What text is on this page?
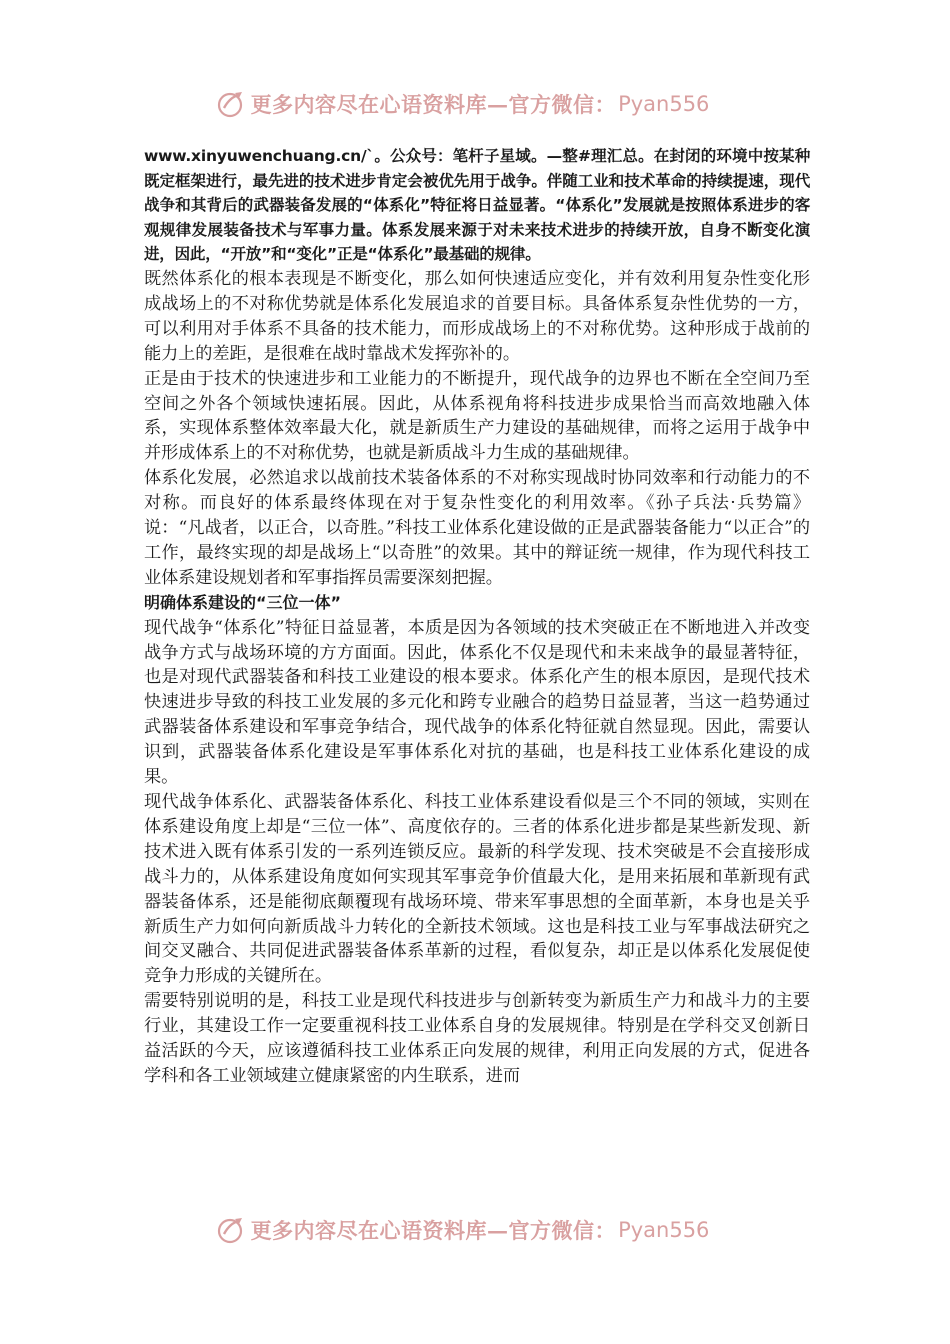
更多内容尽在心语资料库—官方微信： Pyan556

www.xinyuwenchuang.cn/`。公众号：笔杆子星域。—整#理汇总。在封闭的环境中按某种既定框架进行，最先进的技术进步肯定会被优先用于战争。伴随工业和技术革命的持续提速，现代战争和其背后的武器装备发展的“体系化”特征将日益显著。“体系化”发展就是按照体系进步的客观规律发展装备技术与军事力量。体系发展来源于对未来技术进步的持续开放，自身不断变化演进，因此，“开放”和“变化”正是“体系化”最基础的规律。

既然体系化的根本表现是不断变化，那么如何快速适应变化，并有效利用复杂性变化形成战场上的不对称优势就是体系化发展追求的首要目标。具备体系复杂性优势的一方，可以利用对手体系不具备的技术能力，而形成战场上的不对称优势。这种形成于战前的能力上的差距，是很难在战时靠战术发挥弥补的。

正是由于技术的快速进步和工业能力的不断提升，现代战争的边界也不断在全空间乃至空间之外各个领域快速拓展。因此，从体系视角将科技进步成果恰当而高效地融入体系，实现体系整体效率最大化，就是新质生产力建设的基础规律，而将之运用于战争中并形成体系上的不对称优势，也就是新质战斗力生成的基础规律。

体系化发展，必然追求以战前技术装备体系的不对称实现战时协同效率和行动能力的不对称。而良好的体系最终体现在对于复杂性变化的利用效率。《孙子兵法·兵势篇》说：“凡战者，以正合，以奇胜。”科技工业体系化建设做的正是武器装备能力“以正合”的工作，最终实现的却是战场上“以奇胜”的效果。其中的辩证统一规律，作为现代科技工业体系建设规划者和军事指挥员需要深刻把握。

明确体系建设的“三位一体”

现代战争“体系化”特征日益显著，本质是因为各领域的技术突破正在不断地进入并改变战争方式与战场环境的方方面面。因此，体系化不仅是现代和未来战争的最显著特征，也是对现代武器装备和科技工业建设的根本要求。体系化产生的根本原因，是现代技术快速进步导致的科技工业发展的多元化和跨专业融合的趋势日益显著，当这一趋势通过武器装备体系建设和军事竞争结合，现代战争的体系化特征就自然显现。因此，需要认识到，武器装备体系化建设是军事体系化对抗的基础，也是科技工业体系化建设的成果。

现代战争体系化、武器装备体系化、科技工业体系建设看似是三个不同的领域，实则在体系建设角度上却是“三位一体”、高度依存的。三者的体系化进步都是某些新发现、新技术进入既有体系引发的一系列连锁反应。最新的科学发现、技术突破是不会直接形成战斗力的，从体系建设角度如何实现其军事竞争价值最大化，是用来拓展和革新现有武器装备体系，还是能彻底颠覆现有战场环境、带来军事思想的全面革新，本身也是关乎新质生产力如何向新质战斗力转化的全新技术领域。这也是科技工业与军事战法研究之间交叉融合、共同促进武器装备体系革新的过程，看似复杂，却正是以体系化发展促使竞争力形成的关键所在。

需要特别说明的是，科技工业是现代科技进步与创新转变为新质生产力和战斗力的主要行业，其建设工作一定要重视科技工业体系自身的发展规律。特别是在学科交叉创新日益活跃的今天，应该遵循科技工业体系正向发展的规律，利用正向发展的方式，促进各学科和各工业领域建立健康紧密的内生联系，进而

更多内容尽在心语资料库—官方微信： Pyan556
